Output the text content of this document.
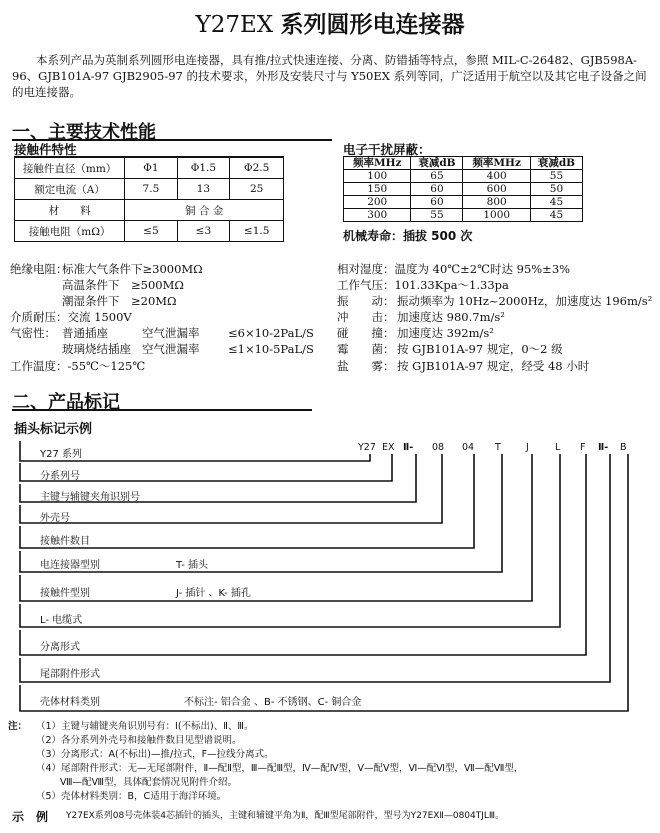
Y27EX 系列圆形电连接器
本系列产品为英制系列圆形电连接器，具有推/拉式快速连接、分离、防错插等特点，参照 MIL-C-26482、GJB598A-96、GJB101A-97 GJB2905-97 的技术要求，外形及安装尺寸与 Y50EX 系列等同，广泛适用于航空以及其它电子设备之间的电连接器。
一、主要技术性能
接触件特性
接触件直径（mm）	Φ1	Φ1.5	Φ2.5
额定电流（A）	7.5	13	25
材　　料	铜 合 金		
接触电阻（mΩ）	≤5	≤3	≤1.5
电子干扰屏蔽：
频率MHz	衰减dB	频率MHz	衰减dB
100	65	400	55
150	60	600	50
200	60	800	45
300	55	1000	45
机械寿命：插拔 500 次
绝缘电阻：
标准大气条件下≥3000MΩ
高温条件下　≥500MΩ
潮湿条件下　≥20MΩ
介质耐压：交流 1500V
气密性： 普通插座	空气泄漏率 ≤6×10-2PaL/S
玻璃烧结插座 空气泄漏率 ≤1×10-5PaL/S
工作温度：-55℃～125℃
相对湿度：温度为 40℃±2℃时达 95%±3%
工作气压：101.33Kpa～1.33pa
振　　动： 振动频率为 10Hz~2000Hz，加速度达 196m/s²
冲　　击： 加速度达 980.7m/s²
碰　　撞： 加速度达 392m/s²
霉　　菌： 按 GJB101A-97 规定，0～2 级
盐　　雾： 按 GJB101A-97 规定，经受 48 小时
二、产品标记
插头标记示例
Y27 EX Ⅱ- 08 04 T	J	L F Ⅱ- B
Y27 系列
分系列号
主键与辅键夹角识别号
外壳号
接触件数目
电连接器型别	T- 插头
接触件型别	J- 插针 、K- 插孔
L- 电缆式
分离形式
尾部附件形式
壳体材料类别	不标注- 铝合金 、B- 不锈钢、C- 铜合金
注： （1）主键与辅键夹角识别号有：Ⅰ(不标出)、Ⅱ、Ⅲ。
（2）各分系列外壳号和接触件数目见型谱说明。
（3）分离形式：A(不标出)—推/拉式，F—拉线分离式。
（4）尾部附件形式：无—无尾部附件，Ⅱ—配Ⅱ型，Ⅲ—配Ⅲ型，Ⅳ—配Ⅳ型，Ⅴ—配Ⅴ型，Ⅵ—配Ⅵ型，Ⅶ—配Ⅶ型，
Ⅷ—配Ⅷ型，具体配套情况见附件介绍。
（5）壳体材料类别：B，C适用于海洋环境。
示　例 Y27EX系列08号壳体装4芯插针的插头，主键和辅键平角为Ⅱ，配Ⅲ型尾部附件，型号为Y27EXⅡ—0804TJLⅢ。
